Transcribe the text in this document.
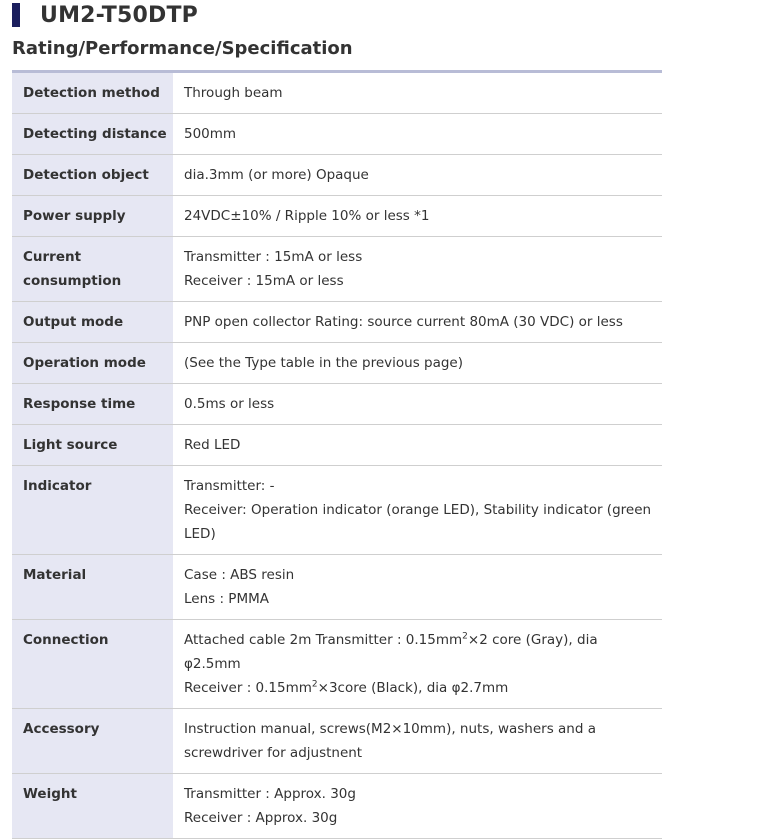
UM2-T50DTP
Rating/Performance/Specification
Detection method	Through beam

Detecting distance	500mm

Detection object	dia.3mm (or more) Opaque

Power supply	24VDC±10% / Ripple 10% or less *1

Current consumption	Transmitter : 15mA or less
Receiver : 15mA or less

Output mode	PNP open collector Rating: source current 80mA (30 VDC) or less

Operation mode	(See the Type table in the previous page)

Response time	0.5ms or less

Light source	Red LED

Indicator	Transmitter: -
Receiver: Operation indicator (orange LED), Stability indicator (green LED)

Material	Case : ABS resin
Lens : PMMA

Connection	Attached cable 2m Transmitter : $0.15mm^2\times 2$ core (Gray), dia φ2.5mm
Receiver : $0.15mm^2\times 3core$ (Black), dia φ2.7mm

Accessory	Instruction manual, screws(M2×10mm), nuts, washers and a screwdriver for adjustnent

Weight	Transmitter : Approx. 30g
Receiver : Approx. 30g
